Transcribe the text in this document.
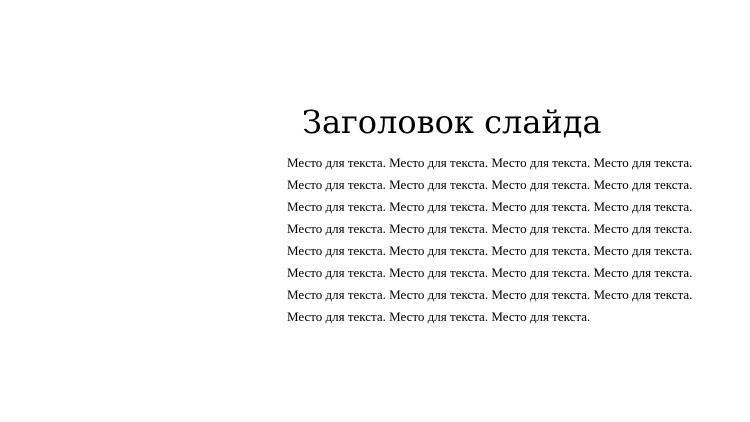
Заголовок слайда

Место для текста. Место для текста. Место для текста. Место для текста. Место для текста. Место для текста. Место для текста. Место для текста. Место для текста. Место для текста. Место для текста. Место для текста. Место для текста. Место для текста. Место для текста. Место для текста. Место для текста. Место для текста. Место для текста. Место для текста. Место для текста. Место для текста. Место для текста. Место для текста. Место для текста. Место для текста. Место для текста. Место для текста. Место для текста. Место для текста. Место для текста.
